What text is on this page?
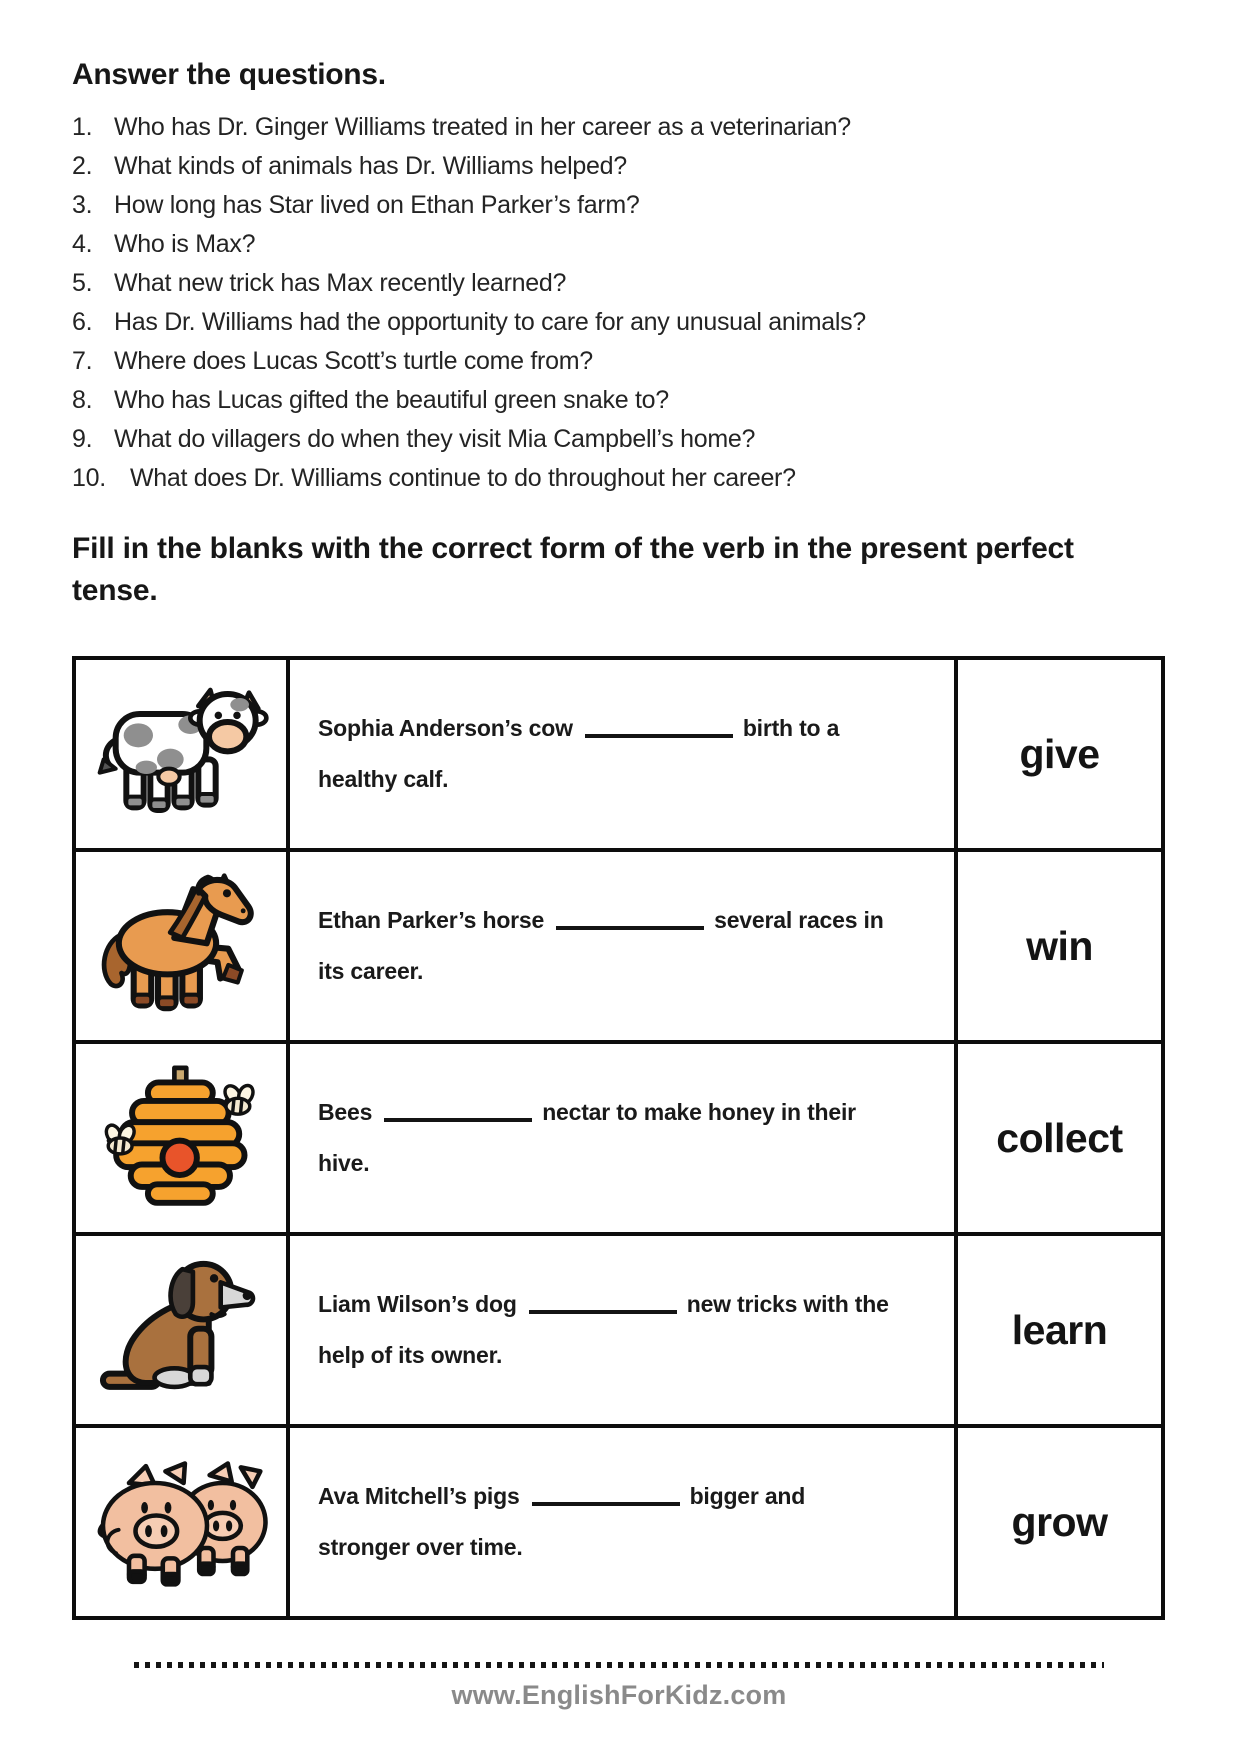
Answer the questions.
1. Who has Dr. Ginger Williams treated in her career as a veterinarian?
2. What kinds of animals has Dr. Williams helped?
3. How long has Star lived on Ethan Parker’s farm?
4. Who is Max?
5. What new trick has Max recently learned?
6. Has Dr. Williams had the opportunity to care for any unusual animals?
7. Where does Lucas Scott’s turtle come from?
8. Who has Lucas gifted the beautiful green snake to?
9. What do villagers do when they visit Mia Campbell’s home?
10. What does Dr. Williams continue to do throughout her career?
Fill in the blanks with the correct form of the verb in the present perfect tense.

Sophia Anderson’s cow birth to a healthy calf.	give

Ethan Parker’s horse several races in its career.	win

Bees nectar to make honey in their hive.	collect

Liam Wilson’s dog new tricks with the help of its owner.	learn

Ava Mitchell’s pigs bigger and stronger over time.	grow
www.EnglishForKidz.com
